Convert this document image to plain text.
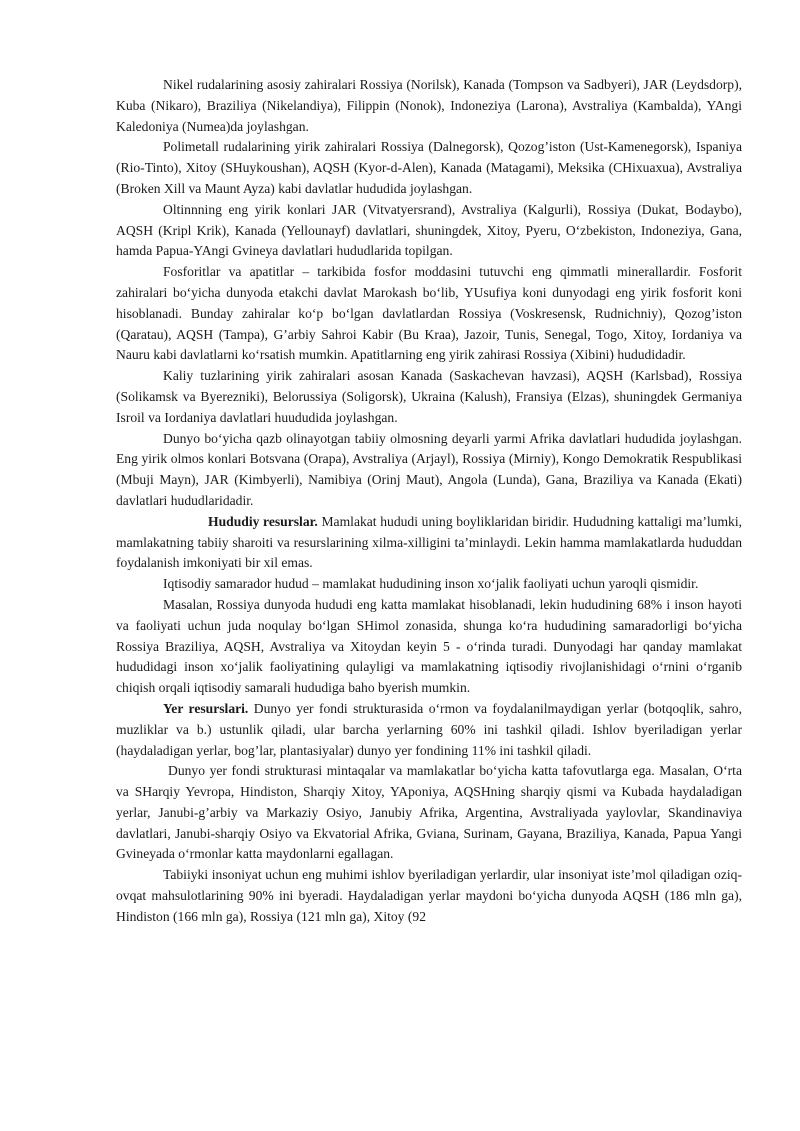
Nikel rudalarining asosiy zahiralari Rossiya (Norilsk), Kanada (Tompson va Sadbyeri), JAR (Leydsdorp), Kuba (Nikaro), Braziliya (Nikelandiya), Filippin (Nonok), Indoneziya (Larona), Avstraliya (Kambalda), YAngi Kaledoniya (Numea)da joylashgan.

Polimetall rudalarining yirik zahiralari Rossiya (Dalnegorsk), Qozog’iston (Ust-Kamenegorsk), Ispaniya (Rio-Tinto), Xitoy (SHuykoushan), AQSH (Kyor-d-Alen), Kanada (Matagami), Meksika (CHixuaxua), Avstraliya (Broken Xill va Maunt Ayza) kabi davlatlar hududida joylashgan.

Oltinnning eng yirik konlari JAR (Vitvatyersrand), Avstraliya (Kalgurli), Rossiya (Dukat, Bodaybo), AQSH (Kripl Krik), Kanada (Yellounayf) davlatlari, shuningdek, Xitoy, Pyeru, O‘zbekiston, Indoneziya, Gana, hamda Papua-YAngi Gvineya davlatlari hududlarida topilgan.

Fosforitlar va apatitlar – tarkibida fosfor moddasini tutuvchi eng qimmatli minerallardir. Fosforit zahiralari bo‘yicha dunyoda etakchi davlat Marokash bo‘lib, YUsufiya koni dunyodagi eng yirik fosforit koni hisoblanadi. Bunday zahiralar ko‘p bo‘lgan davlatlardan Rossiya (Voskresensk, Rudnichniy), Qozog’iston (Qaratau), AQSH (Tampa), G’arbiy Sahroi Kabir (Bu Kraa), Jazoir, Tunis, Senegal, Togo, Xitoy, Iordaniya va Nauru kabi davlatlarni ko‘rsatish mumkin. Apatitlarning eng yirik zahirasi Rossiya (Xibini) hududidadir.

Kaliy tuzlarining yirik zahiralari asosan Kanada (Saskachevan havzasi), AQSH (Karlsbad), Rossiya (Solikamsk va Byerezniki), Belorussiya (Soligorsk), Ukraina (Kalush), Fransiya (Elzas), shuningdek Germaniya Isroil va Iordaniya davlatlari huududida joylashgan.

Dunyo bo‘yicha qazb olinayotgan tabiiy olmosning deyarli yarmi Afrika davlatlari hududida joylashgan. Eng yirik olmos konlari Botsvana (Orapa), Avstraliya (Arjayl), Rossiya (Mirniy), Kongo Demokratik Respublikasi (Mbuji Mayn), JAR (Kimbyerli), Namibiya (Orinj Maut), Angola (Lunda), Gana, Braziliya va Kanada (Ekati) davlatlari hududlaridadir.

Hududiy resurslar. Mamlakat hududi uning boyliklaridan biridir. Hududning kattaligi ma’lumki, mamlakatning tabiiy sharoiti va resurslarining xilma-xilligini ta’minlaydi. Lekin hamma mamlakatlarda hududdan foydalanish imkoniyati bir xil emas.

Iqtisodiy samarador hudud – mamlakat hududining inson xo‘jalik faoliyati uchun yaroqli qismidir.

Masalan, Rossiya dunyoda hududi eng katta mamlakat hisoblanadi, lekin hududining 68% i inson hayoti va faoliyati uchun juda noqulay bo‘lgan SHimol zonasida, shunga ko‘ra hududining samaradorligi bo‘yicha Rossiya Braziliya, AQSH, Avstraliya va Xitoydan keyin 5 - o‘rinda turadi. Dunyodagi har qanday mamlakat hududidagi inson xo‘jalik faoliyatining qulayligi va mamlakatning iqtisodiy rivojlanishidagi o‘rnini o‘rganib chiqish orqali iqtisodiy samarali hududiga baho byerish mumkin.

Yer resurslari. Dunyo yer fondi strukturasida o‘rmon va foydalanilmaydigan yerlar (botqoqlik, sahro, muzliklar va b.) ustunlik qiladi, ular barcha yerlarning 60% ini tashkil qiladi. Ishlov byeriladigan yerlar (haydaladigan yerlar, bog’lar, plantasiyalar) dunyo yer fondining 11% ini tashkil qiladi.

Dunyo yer fondi strukturasi mintaqalar va mamlakatlar bo‘yicha katta tafovutlarga ega. Masalan, O‘rta va SHarqiy Yevropa, Hindiston, Sharqiy Xitoy, YAponiya, AQSHning sharqiy qismi va Kubada haydaladigan yerlar, Janubi-g’arbiy va Markaziy Osiyo, Janubiy Afrika, Argentina, Avstraliyada yaylovlar, Skandinaviya davlatlari, Janubi-sharqiy Osiyo va Ekvatorial Afrika, Gviana, Surinam, Gayana, Braziliya, Kanada, Papua Yangi Gvineyada o‘rmonlar katta maydonlarni egallagan.

Tabiiyki insoniyat uchun eng muhimi ishlov byeriladigan yerlardir, ular insoniyat iste’mol qiladigan oziq-ovqat mahsulotlarining 90% ini byeradi. Haydaladigan yerlar maydoni bo‘yicha dunyoda AQSH (186 mln ga), Hindiston (166 mln ga), Rossiya (121 mln ga), Xitoy (92
